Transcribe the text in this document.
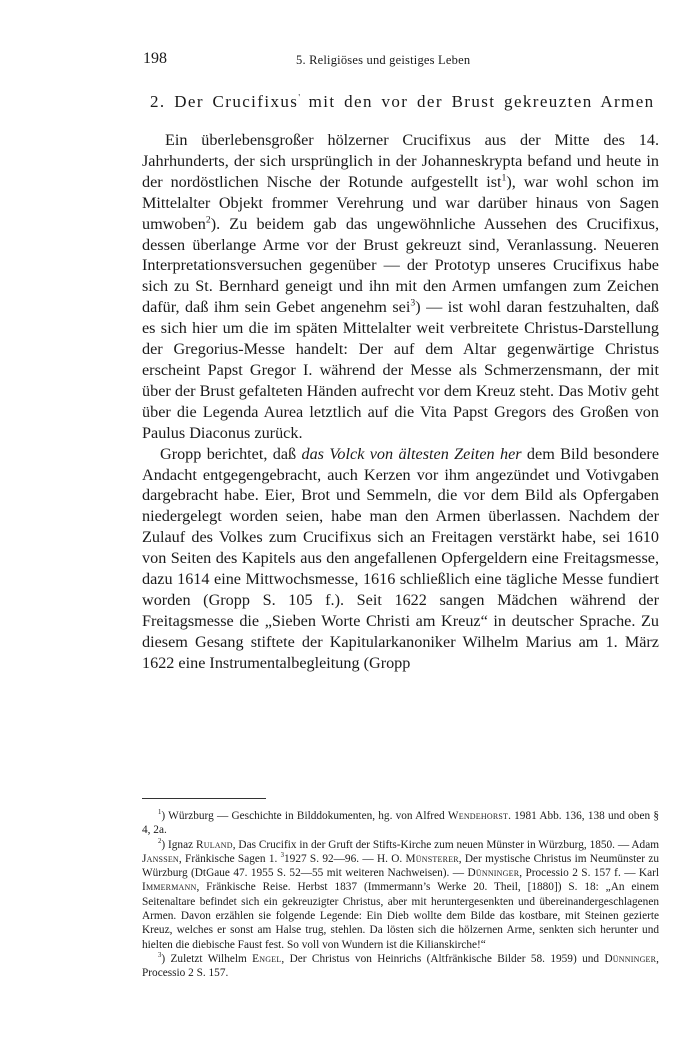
198	5. Religiöses und geistiges Leben
2. Der Crucifixus' mit den vor der Brust gekreuzten Armen

Ein überlebensgroßer hölzerner Crucifixus aus der Mitte des 14. Jahrhunderts, der sich ursprünglich in der Johanneskrypta befand und heute in der nordöstlichen Nische der Rotunde aufgestellt ist$^1$), war wohl schon im Mittelalter Objekt frommer Verehrung und war darüber hinaus von Sagen umwoben$^2$). Zu beidem gab das ungewöhnliche Aussehen des Crucifixus, dessen überlange Arme vor der Brust gekreuzt sind, Veranlassung. Neueren Interpretationsversuchen gegenüber — der Prototyp unseres Crucifixus habe sich zu St. Bernhard geneigt und ihn mit den Armen umfangen zum Zeichen dafür, daß ihm sein Gebet angenehm sei$^3$) — ist wohl daran festzuhalten, daß es sich hier um die im späten Mittelalter weit verbreitete Christus-Darstellung der Gregorius-Messe handelt: Der auf dem Altar gegenwärtige Christus erscheint Papst Gregor I. während der Messe als Schmerzensmann, der mit über der Brust gefalteten Händen aufrecht vor dem Kreuz steht. Das Motiv geht über die Legenda Aurea letztlich auf die Vita Papst Gregors des Großen von Paulus Diaconus zurück.

Gropp berichtet, daß das Volck von ältesten Zeiten her dem Bild besondere Andacht entgegengebracht, auch Kerzen vor ihm angezündet und Votivgaben dargebracht habe. Eier, Brot und Semmeln, die vor dem Bild als Opfergaben niedergelegt worden seien, habe man den Armen überlassen. Nachdem der Zulauf des Volkes zum Crucifixus sich an Freitagen verstärkt habe, sei 1610 von Seiten des Kapitels aus den angefallenen Opfergeldern eine Freitagsmesse, dazu 1614 eine Mittwochsmesse, 1616 schließlich eine tägliche Messe fundiert worden (Gropp S. 105 f.). Seit 1622 sangen Mädchen während der Freitagsmesse die „Sieben Worte Christi am Kreuz“ in deutscher Sprache. Zu diesem Gesang stiftete der Kapitularkanoniker Wilhelm Marius am 1. März 1622 eine Instrumentalbegleitung (Gropp

$^1$) Würzburg — Geschichte in Bilddokumenten, hg. von Alfred Wendehorst. 1981 Abb. 136, 138 und oben § 4, 2a.

$^2$) Ignaz Ruland, Das Crucifix in der Gruft der Stifts-Kirche zum neuen Münster in Würzburg, 1850. — Adam Janssen, Fränkische Sagen 1. $^3$1927 S. 92—96. — H. O. Münsterer, Der mystische Christus im Neumünster zu Würzburg (DtGaue 47. 1955 S. 52—55 mit weiteren Nachweisen). — Dünninger, Processio 2 S. 157 f. — Karl Immermann, Fränkische Reise. Herbst 1837 (Immermann’s Werke 20. Theil, [1880]) S. 18: „An einem Seitenaltare befindet sich ein gekreuzigter Christus, aber mit heruntergesenkten und übereinandergeschlagenen Armen. Davon erzählen sie folgende Legende: Ein Dieb wollte dem Bilde das kostbare, mit Steinen gezierte Kreuz, welches er sonst am Halse trug, stehlen. Da lösten sich die hölzernen Arme, senkten sich herunter und hielten die diebische Faust fest. So voll von Wundern ist die Kilianskirche!“

$^3$) Zuletzt Wilhelm Engel, Der Christus von Heinrichs (Altfränkische Bilder 58. 1959) und Dünninger, Processio 2 S. 157.
